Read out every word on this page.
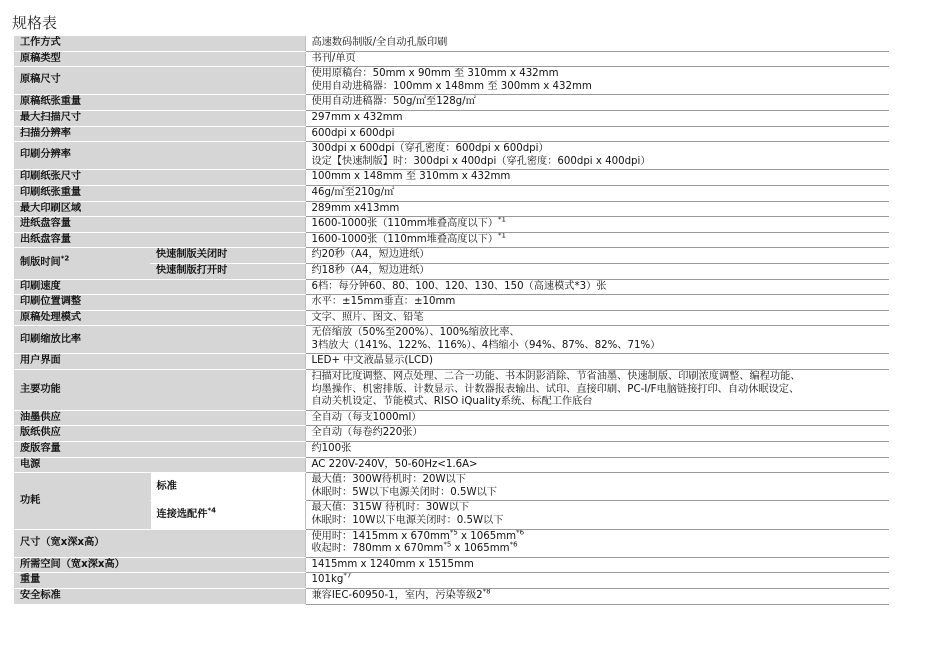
规格表
工作方式		高速数码制版/全自动孔版印刷

原稿类型		书刊/单页

原稿尺寸		使用原稿台：50mm x 90mm 至 310mm x 432mm
使用自动进稿器：100mm x 148mm 至 300mm x 432mm

原稿纸张重量		使用自动进稿器：50g/㎡至128g/㎡

最大扫描尺寸		297mm x 432mm

扫描分辨率		600dpi x 600dpi

印刷分辨率		300dpi x 600dpi（穿孔密度：600dpi x 600dpi）
设定【快速制版】时：300dpi x 400dpi（穿孔密度：600dpi x 400dpi）

印刷纸张尺寸		100mm x 148mm 至 310mm x 432mm

印刷纸张重量		46g/㎡至210g/㎡

最大印刷区域		289mm x413mm

进纸盘容量		1600-1000张（110mm堆叠高度以下）$^{*1}$

出纸盘容量		1600-1000张（110mm堆叠高度以下）$^{*1}$

制版时间$^{*2}$	快速制版关闭时	约20秒（A4，短边进纸）

	快速制版打开时	约18秒（A4，短边进纸）

印刷速度		6档：每分钟60、80、100、120、130、150（高速模式*3）张

印刷位置调整		水平：±15mm垂直：±10mm

原稿处理模式		文字、照片、图文、铅笔

印刷缩放比率		无倍缩放（50%至200%）、100%缩放比率、
3档放大（141%、122%、116%）、4档缩小（94%、87%、82%、71%）

用户界面		LED+ 中文液晶显示(LCD)

主要功能		扫描对比度调整、网点处理、二合一功能、书本阴影消除、节省油墨、快速制版、印刷浓度调整、编程功能、
均墨操作、机密排版、计数显示、计数器报表输出、试印、直接印刷、PC-I/F电脑链接打印、自动休眠设定、
自动关机设定、节能模式、RISO iQuality系统、标配工作底台

油墨供应		全自动（每支1000ml）

版纸供应		全自动（每卷约220张）

废版容量		约100张

电源		AC 220V-240V，50-60Hz<1.6A>

功耗	标准	最大值：300W待机时：20W以下
休眠时：5W以下电源关闭时：0.5W以下

	连接选配件$^{*4}$	最大值：315W 待机时：30W以下
休眠时：10W以下电源关闭时：0.5W以下

尺寸（宽x深x高）		使用时：1415mm x $670mm^{*5}$ x $1065mm^{*6}$
收起时：780mm x $670mm^{*5}$ x $1065mm^{*6}$

所需空间（宽x深x高）		1415mm x 1240mm x 1515mm

重量		$101kg^{*7}$

安全标准		兼容IEC-60950-1，室内，污染等级2$^{*8}$
